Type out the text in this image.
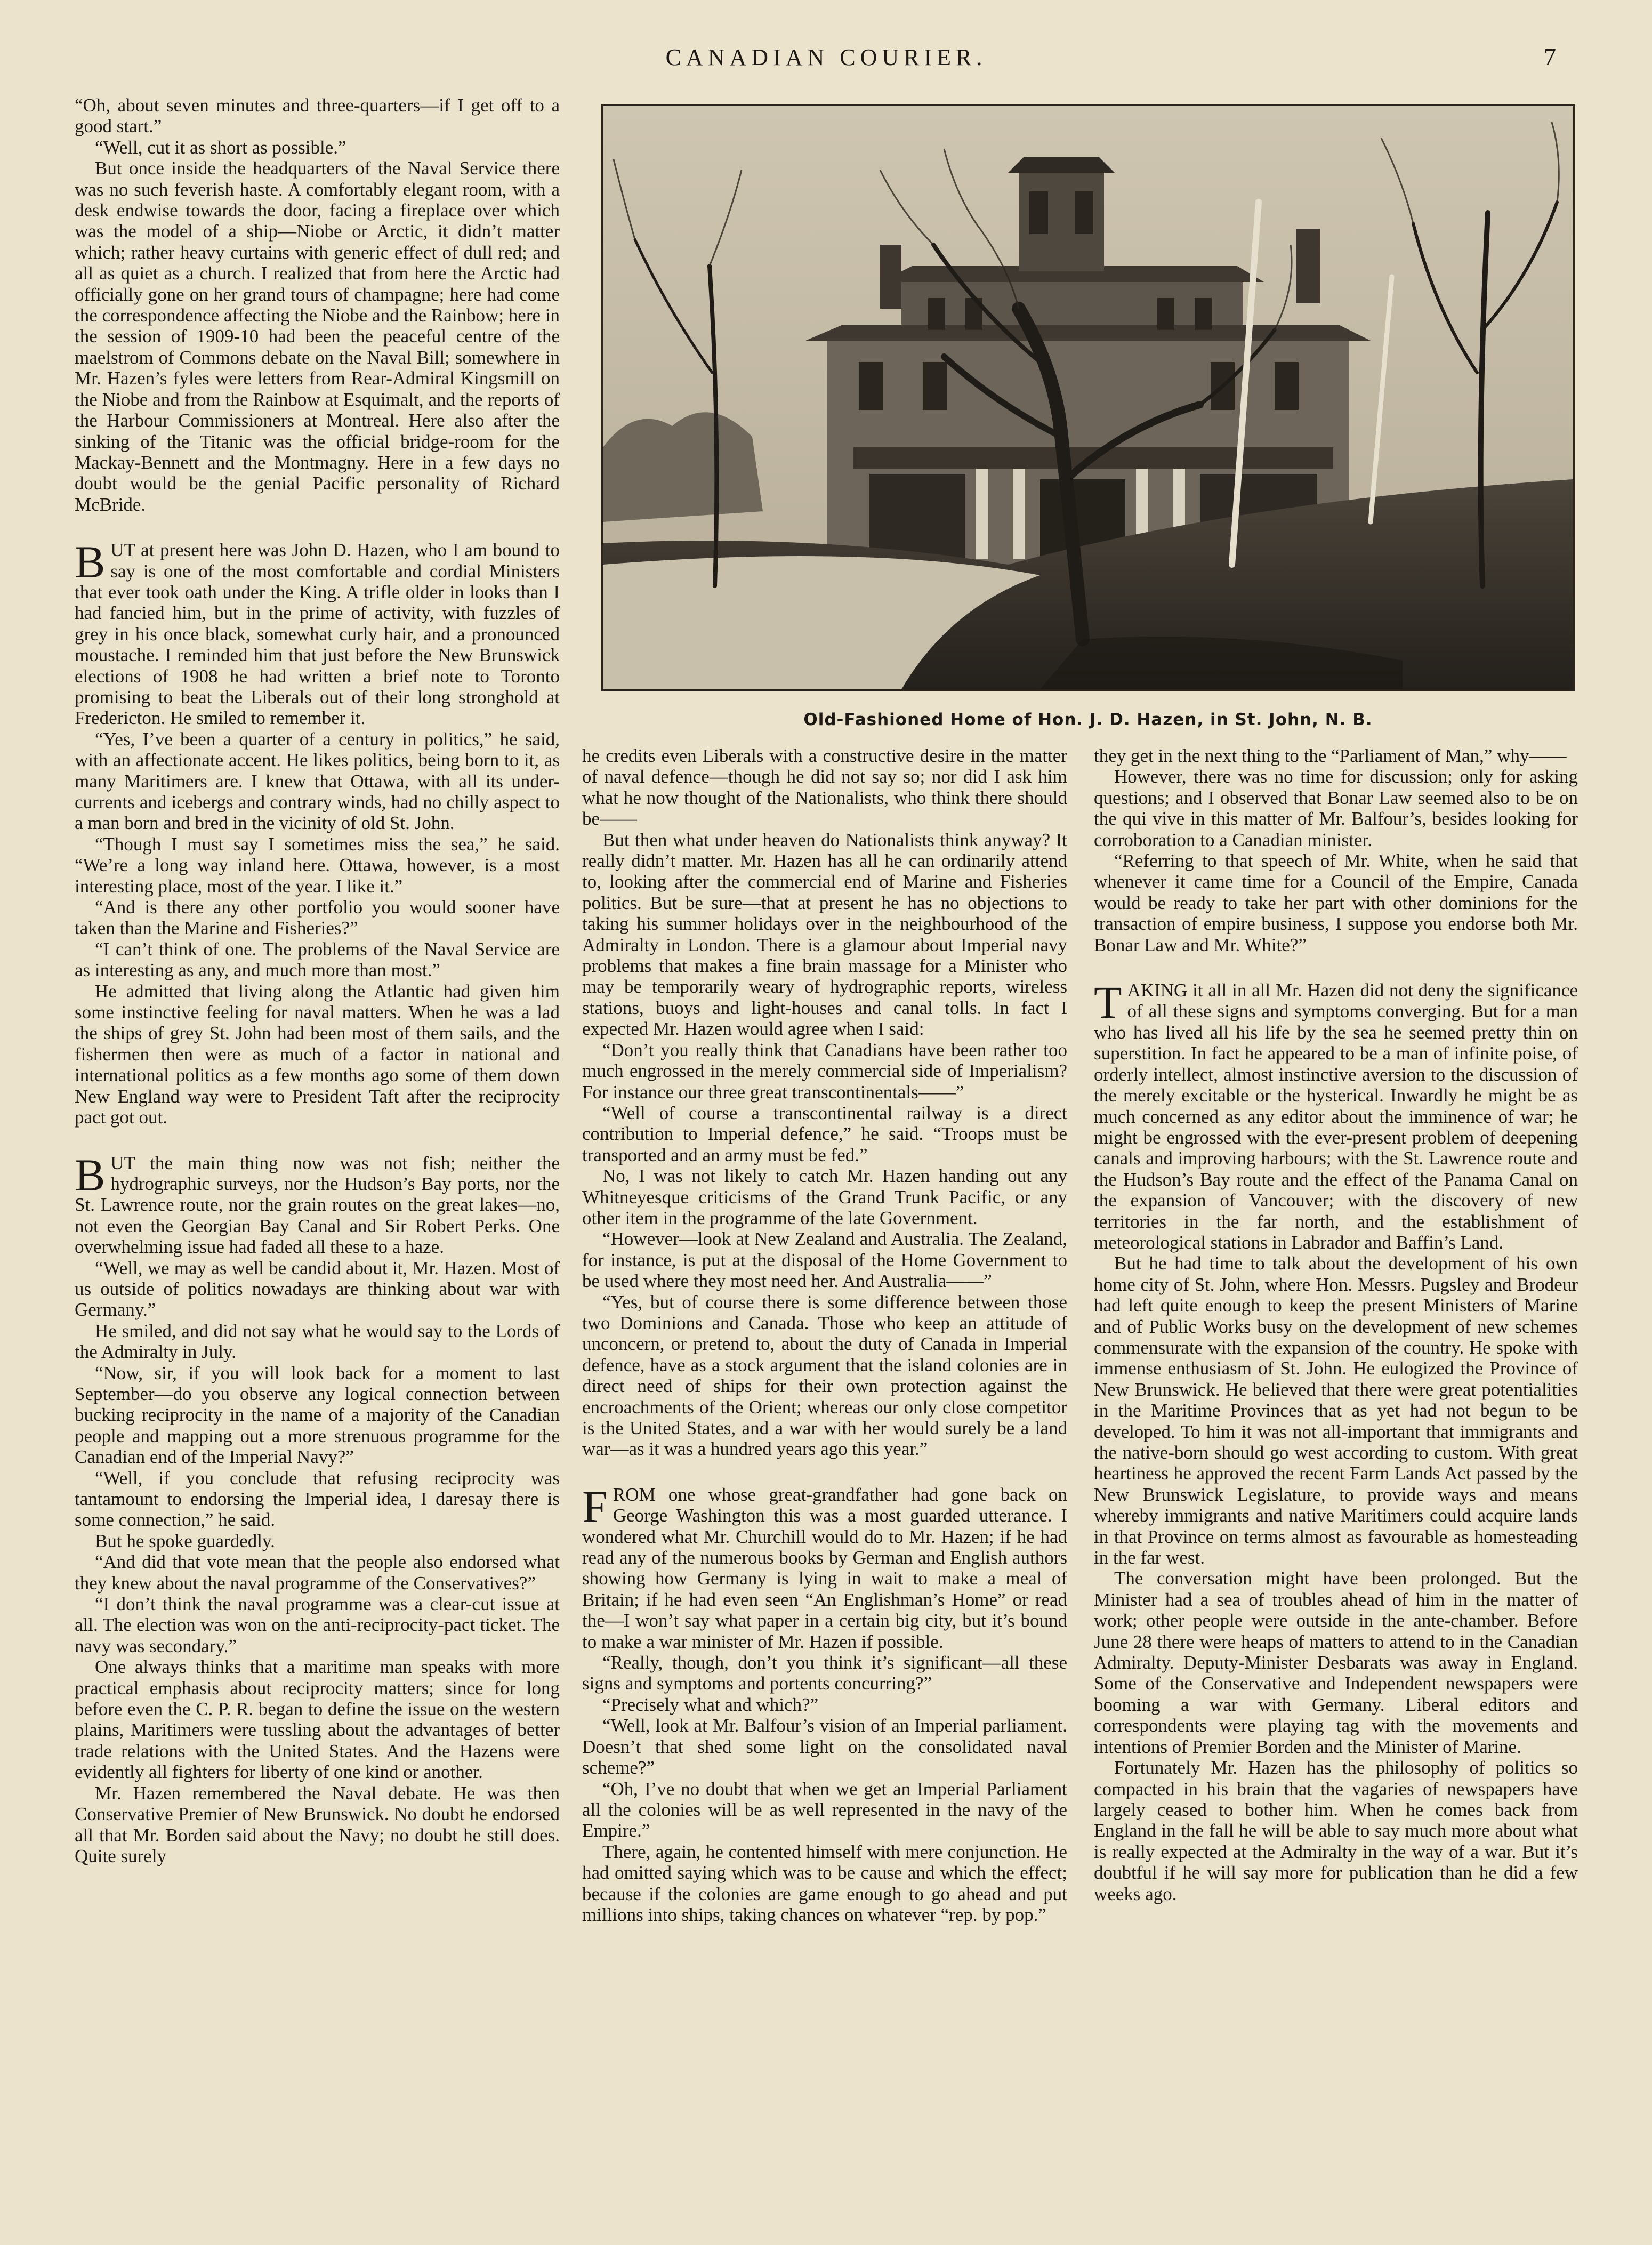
CANADIAN COURIER.	7

“Oh, about seven minutes and three-quarters—if I get off to a good start.”

“Well, cut it as short as possible.”

But once inside the headquarters of the Naval Service there was no such feverish haste. A comfortably elegant room, with a desk endwise towards the door, facing a fireplace over which was the model of a ship—Niobe or Arctic, it didn’t matter which; rather heavy curtains with generic effect of dull red; and all as quiet as a church. I realized that from here the Arctic had officially gone on her grand tours of champagne; here had come the correspondence affecting the Niobe and the Rainbow; here in the session of 1909-10 had been the peaceful centre of the maelstrom of Commons debate on the Naval Bill; somewhere in Mr. Hazen’s fyles were letters from Rear-Admiral Kingsmill on the Niobe and from the Rainbow at Esquimalt, and the reports of the Harbour Commissioners at Montreal. Here also after the sinking of the Titanic was the official bridge-room for the Mackay-Bennett and the Montmagny. Here in a few days no doubt would be the genial Pacific personality of Richard McBride.

BUT at present here was John D. Hazen, who I am bound to say is one of the most comfortable and cordial Ministers that ever took oath under the King. A trifle older in looks than I had fancied him, but in the prime of activity, with fuzzles of grey in his once black, somewhat curly hair, and a pronounced moustache. I reminded him that just before the New Brunswick elections of 1908 he had written a brief note to Toronto promising to beat the Liberals out of their long stronghold at Fredericton. He smiled to remember it.

“Yes, I’ve been a quarter of a century in politics,” he said, with an affectionate accent. He likes politics, being born to it, as many Maritimers are. I knew that Ottawa, with all its under-currents and icebergs and contrary winds, had no chilly aspect to a man born and bred in the vicinity of old St. John.

“Though I must say I sometimes miss the sea,” he said. “We’re a long way inland here. Ottawa, however, is a most interesting place, most of the year. I like it.”

“And is there any other portfolio you would sooner have taken than the Marine and Fisheries?”

“I can’t think of one. The problems of the Naval Service are as interesting as any, and much more than most.”

He admitted that living along the Atlantic had given him some instinctive feeling for naval matters. When he was a lad the ships of grey St. John had been most of them sails, and the fishermen then were as much of a factor in national and international politics as a few months ago some of them down New England way were to President Taft after the reciprocity pact got out.

BUT the main thing now was not fish; neither the hydrographic surveys, nor the Hudson’s Bay ports, nor the St. Lawrence route, nor the grain routes on the great lakes—no, not even the Georgian Bay Canal and Sir Robert Perks. One overwhelming issue had faded all these to a haze.

“Well, we may as well be candid about it, Mr. Hazen. Most of us outside of politics nowadays are thinking about war with Germany.”

He smiled, and did not say what he would say to the Lords of the Admiralty in July.

“Now, sir, if you will look back for a moment to last September—do you observe any logical connection between bucking reciprocity in the name of a majority of the Canadian people and mapping out a more strenuous programme for the Canadian end of the Imperial Navy?”

“Well, if you conclude that refusing reciprocity was tantamount to endorsing the Imperial idea, I daresay there is some connection,” he said.

But he spoke guardedly.

“And did that vote mean that the people also endorsed what they knew about the naval programme of the Conservatives?”

“I don’t think the naval programme was a clear-cut issue at all. The election was won on the anti-reciprocity-pact ticket. The navy was secondary.”

One always thinks that a maritime man speaks with more practical emphasis about reciprocity matters; since for long before even the C. P. R. began to define the issue on the western plains, Maritimers were tussling about the advantages of better trade relations with the United States. And the Hazens were evidently all fighters for liberty of one kind or another.

Mr. Hazen remembered the Naval debate. He was then Conservative Premier of New Brunswick. No doubt he endorsed all that Mr. Borden said about the Navy; no doubt he still does. Quite surely

Old-Fashioned Home of Hon. J. D. Hazen, in St. John, N. B.

he credits even Liberals with a constructive desire in the matter of naval defence—though he did not say so; nor did I ask him what he now thought of the Nationalists, who think there should be——

But then what under heaven do Nationalists think anyway? It really didn’t matter. Mr. Hazen has all he can ordinarily attend to, looking after the commercial end of Marine and Fisheries politics. But be sure—that at present he has no objections to taking his summer holidays over in the neighbourhood of the Admiralty in London. There is a glamour about Imperial navy problems that makes a fine brain massage for a Minister who may be temporarily weary of hydrographic reports, wireless stations, buoys and light-houses and canal tolls. In fact I expected Mr. Hazen would agree when I said:

“Don’t you really think that Canadians have been rather too much engrossed in the merely commercial side of Imperialism? For instance our three great transcontinentals——”

“Well of course a transcontinental railway is a direct contribution to Imperial defence,” he said. “Troops must be transported and an army must be fed.”

No, I was not likely to catch Mr. Hazen handing out any Whitneyesque criticisms of the Grand Trunk Pacific, or any other item in the programme of the late Government.

“However—look at New Zealand and Australia. The Zealand, for instance, is put at the disposal of the Home Government to be used where they most need her. And Australia——”

“Yes, but of course there is some difference between those two Dominions and Canada. Those who keep an attitude of unconcern, or pretend to, about the duty of Canada in Imperial defence, have as a stock argument that the island colonies are in direct need of ships for their own protection against the encroachments of the Orient; whereas our only close competitor is the United States, and a war with her would surely be a land war—as it was a hundred years ago this year.”

FROM one whose great-grandfather had gone back on George Washington this was a most guarded utterance. I wondered what Mr. Churchill would do to Mr. Hazen; if he had read any of the numerous books by German and English authors showing how Germany is lying in wait to make a meal of Britain; if he had even seen “An Englishman’s Home” or read the—I won’t say what paper in a certain big city, but it’s bound to make a war minister of Mr. Hazen if possible.

“Really, though, don’t you think it’s significant—all these signs and symptoms and portents concurring?”

“Precisely what and which?”

“Well, look at Mr. Balfour’s vision of an Imperial parliament. Doesn’t that shed some light on the consolidated naval scheme?”

“Oh, I’ve no doubt that when we get an Imperial Parliament all the colonies will be as well represented in the navy of the Empire.”

There, again, he contented himself with mere conjunction. He had omitted saying which was to be cause and which the effect; because if the colonies are game enough to go ahead and put millions into ships, taking chances on whatever “rep. by pop.”

they get in the next thing to the “Parliament of Man,” why——

However, there was no time for discussion; only for asking questions; and I observed that Bonar Law seemed also to be on the qui vive in this matter of Mr. Balfour’s, besides looking for corroboration to a Canadian minister.

“Referring to that speech of Mr. White, when he said that whenever it came time for a Council of the Empire, Canada would be ready to take her part with other dominions for the transaction of empire business, I suppose you endorse both Mr. Bonar Law and Mr. White?”

TAKING it all in all Mr. Hazen did not deny the significance of all these signs and symptoms converging. But for a man who has lived all his life by the sea he seemed pretty thin on superstition. In fact he appeared to be a man of infinite poise, of orderly intellect, almost instinctive aversion to the discussion of the merely excitable or the hysterical. Inwardly he might be as much concerned as any editor about the imminence of war; he might be engrossed with the ever-present problem of deepening canals and improving harbours; with the St. Lawrence route and the Hudson’s Bay route and the effect of the Panama Canal on the expansion of Vancouver; with the discovery of new territories in the far north, and the establishment of meteorological stations in Labrador and Baffin’s Land.

But he had time to talk about the development of his own home city of St. John, where Hon. Messrs. Pugsley and Brodeur had left quite enough to keep the present Ministers of Marine and of Public Works busy on the development of new schemes commensurate with the expansion of the country. He spoke with immense enthusiasm of St. John. He eulogized the Province of New Brunswick. He believed that there were great potentialities in the Maritime Provinces that as yet had not begun to be developed. To him it was not all-important that immigrants and the native-born should go west according to custom. With great heartiness he approved the recent Farm Lands Act passed by the New Brunswick Legislature, to provide ways and means whereby immigrants and native Maritimers could acquire lands in that Province on terms almost as favourable as homesteading in the far west.

The conversation might have been prolonged. But the Minister had a sea of troubles ahead of him in the matter of work; other people were outside in the ante-chamber. Before June 28 there were heaps of matters to attend to in the Canadian Admiralty. Deputy-Minister Desbarats was away in England. Some of the Conservative and Independent newspapers were booming a war with Germany. Liberal editors and correspondents were playing tag with the movements and intentions of Premier Borden and the Minister of Marine.

Fortunately Mr. Hazen has the philosophy of politics so compacted in his brain that the vagaries of newspapers have largely ceased to bother him. When he comes back from England in the fall he will be able to say much more about what is really expected at the Admiralty in the way of a war. But it’s doubtful if he will say more for publication than he did a few weeks ago.
